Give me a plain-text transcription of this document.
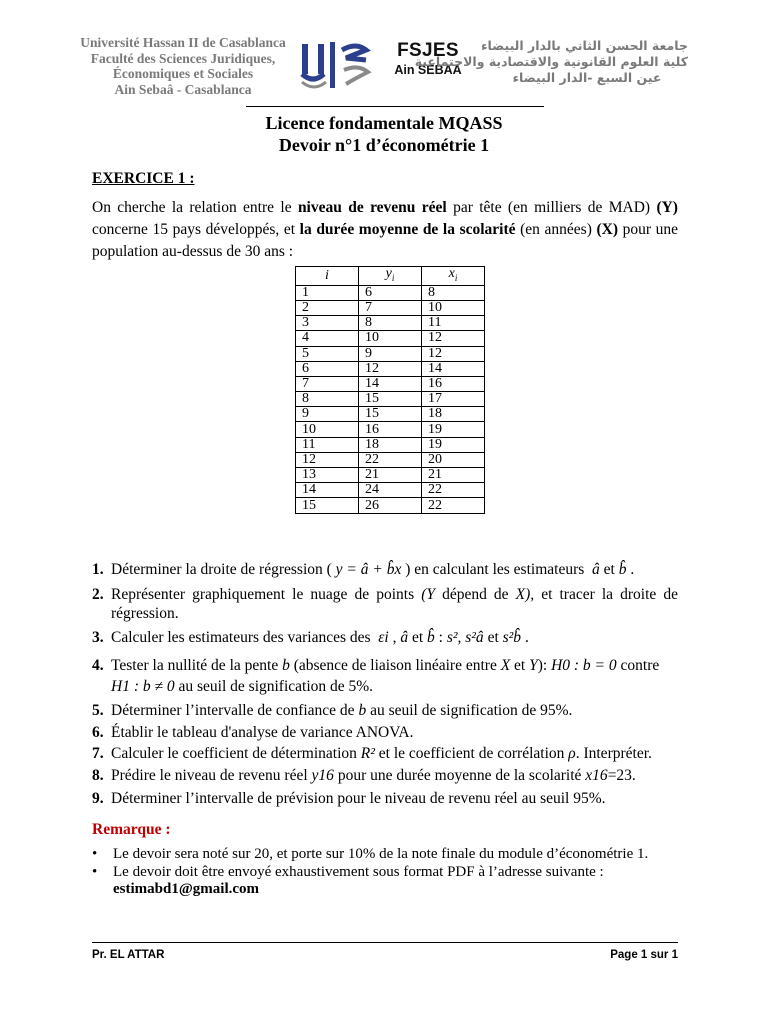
Université Hassan II de Casablanca
Faculté des Sciences Juridiques,
Économiques et Sociales
Ain Sebaâ - Casablanca
FSJES
Ain SEBAA
جامعة الحسن الثاني بالدار البيضاء
كلية العلوم القانونية والاقتصادية والاجتماعية
عين السبع -الدار البيضاء
Licence fondamentale MQASS
Devoir n°1 d’économétrie 1
EXERCICE 1 :
On cherche la relation entre le niveau de revenu réel par tête (en milliers de MAD) (Y) concerne 15 pays développés, et la durée moyenne de la scolarité (en années) (X) pour une population au-dessus de 30 ans :
i	$y_i$	$x_i$
1	6	8
2	7	10
3	8	11
4	10	12
5	9	12
6	12	14
7	14	16
8	15	17
9	15	18
10	16	19
11	18	19
12	22	20
13	21	21
14	24	22
15	26	22
1. Déterminer la droite de régression ( y = â + b̂x ) en calculant les estimateurs  â et b̂ .
2. Représenter graphiquement le nuage de points (Y dépend de X), et tracer la droite de régression.
3. Calculer les estimateurs des variances des  εi , â et b̂ : s², s²â et s²b̂ .
4. Tester la nullité de la pente b (absence de liaison linéaire entre X et Y): H0 : b = 0 contre
H1 : b ≠ 0 au seuil de signification de 5%.
5. Déterminer l’intervalle de confiance de b au seuil de signification de 95%.
6. Établir le tableau d'analyse de variance ANOVA.
7. Calculer le coefficient de détermination R² et le coefficient de corrélation ρ. Interpréter.
8. Prédire le niveau de revenu réel y16 pour une durée moyenne de la scolarité x16=23.
9. Déterminer l’intervalle de prévision pour le niveau de revenu réel au seuil 95%.
Remarque :
• Le devoir sera noté sur 20, et porte sur 10% de la note finale du module d’économétrie 1.
• Le devoir doit être envoyé exhaustivement sous format PDF à l’adresse suivante :
estimabd1@gmail.com
Pr. EL ATTAR	Page 1 sur 1
